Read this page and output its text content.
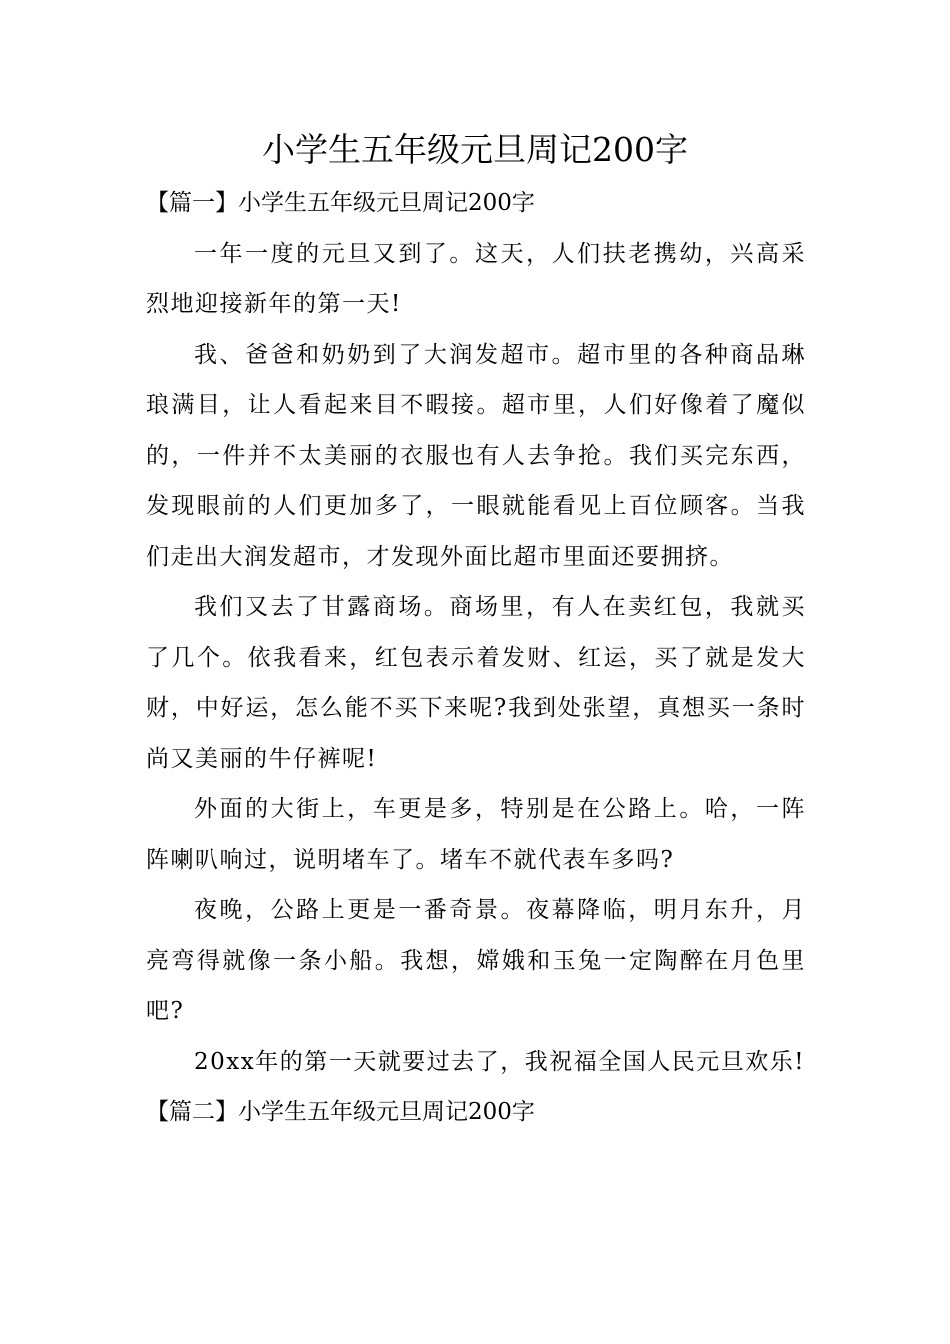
小学生五年级元旦周记200字
【篇一】小学生五年级元旦周记200字

一年一度的元旦又到了。这天，人们扶老携幼，兴高采烈地迎接新年的第一天!

我、爸爸和奶奶到了大润发超市。超市里的各种商品琳琅满目，让人看起来目不暇接。超市里，人们好像着了魔似的，一件并不太美丽的衣服也有人去争抢。我们买完东西，发现眼前的人们更加多了，一眼就能看见上百位顾客。当我们走出大润发超市，才发现外面比超市里面还要拥挤。

我们又去了甘露商场。商场里，有人在卖红包，我就买了几个。依我看来，红包表示着发财、红运，买了就是发大财，中好运，怎么能不买下来呢?我到处张望，真想买一条时尚又美丽的牛仔裤呢!

外面的大街上，车更是多，特别是在公路上。哈，一阵阵喇叭响过，说明堵车了。堵车不就代表车多吗?

夜晚，公路上更是一番奇景。夜幕降临，明月东升，月亮弯得就像一条小船。我想，嫦娥和玉兔一定陶醉在月色里吧?

20xx年的第一天就要过去了，我祝福全国人民元旦欢乐!

【篇二】小学生五年级元旦周记200字
